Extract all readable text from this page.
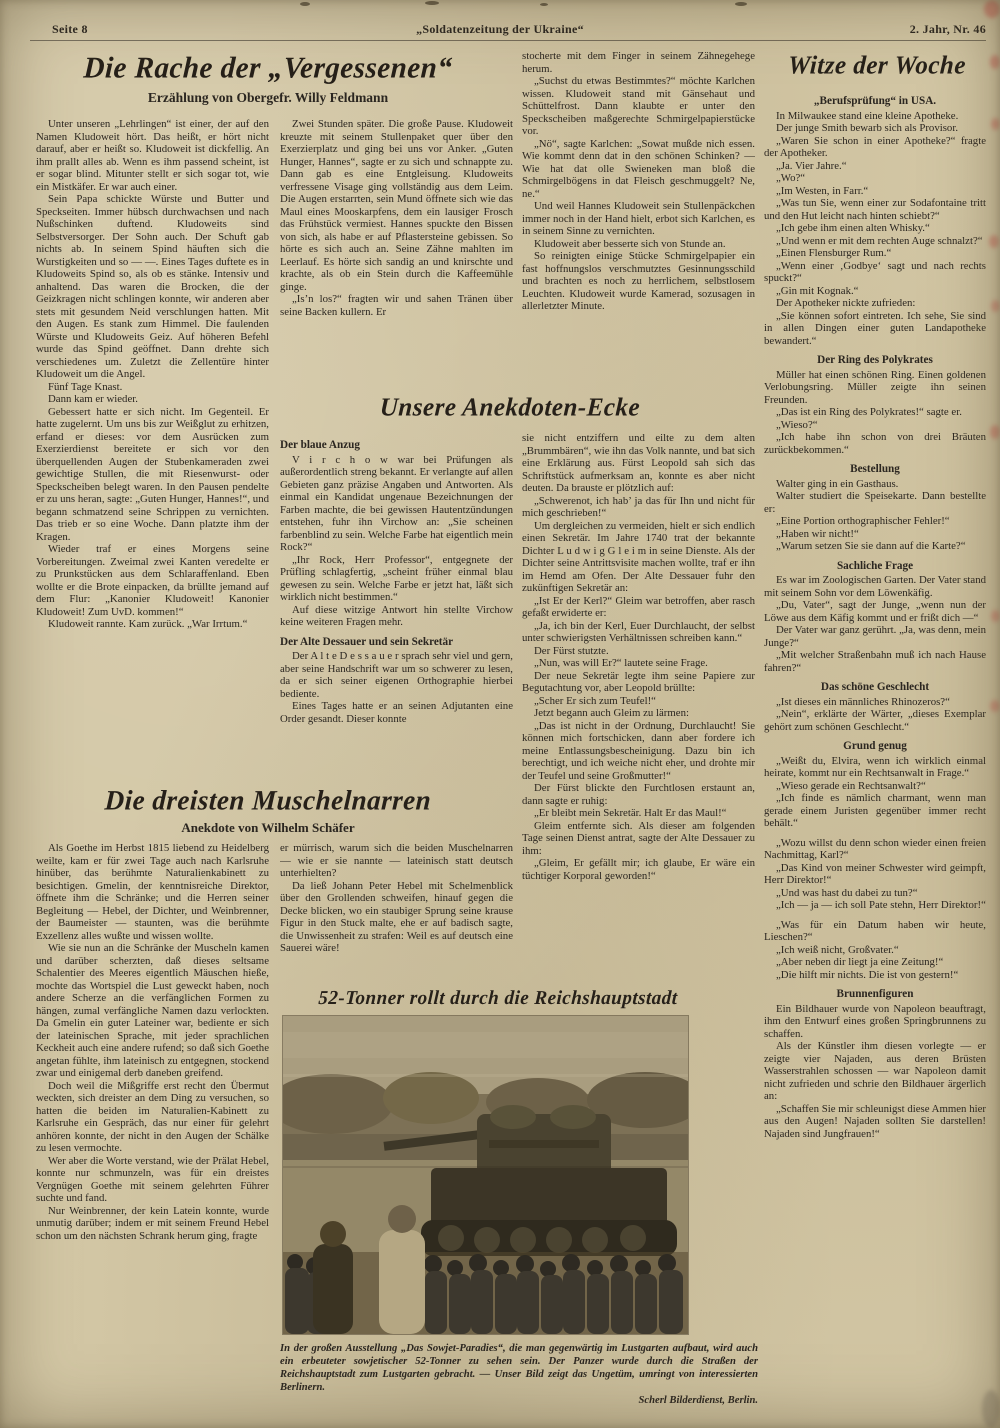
Seite 8	„Soldatenzeitung der Ukraine“	2. Jahr, Nr. 46
Die Rache der „Vergessenen“
Erzählung von Obergefr. Willy Feldmann

Unter unseren „Lehrlingen“ ist einer, der auf den Namen Kludoweit hört. Das heißt, er hört nicht darauf, aber er heißt so. Kludoweit ist dickfellig. An ihm prallt alles ab. Wenn es ihm passend scheint, ist er sogar blind. Mitunter stellt er sich sogar tot, wie ein Mistkäfer. Er war auch einer.

Sein Papa schickte Würste und Butter und Speckseiten. Immer hübsch durchwachsen und nach Nußschinken duftend. Kludoweits sind Selbstversorger. Der Sohn auch. Der Schuft gab nichts ab. In seinem Spind häuften sich die Wurstigkeiten und so — —. Eines Tages duftete es in Kludoweits Spind so, als ob es stänke. Intensiv und anhaltend. Das waren die Brocken, die der Geizkragen nicht schlingen konnte, wir anderen aber stets mit gesundem Neid verschlungen hatten. Mit den Augen. Es stank zum Himmel. Die faulenden Würste und Kludoweits Geiz. Auf höheren Befehl wurde das Spind geöffnet. Dann drehte sich verschiedenes um. Zuletzt die Zellentüre hinter Kludoweit um die Angel.

Fünf Tage Knast.

Dann kam er wieder.

Gebessert hatte er sich nicht. Im Gegenteil. Er hatte zugelernt. Um uns bis zur Weißglut zu erhitzen, erfand er dieses: vor dem Ausrücken zum Exerzierdienst bereitete er sich vor den überquellenden Augen der Stubenkameraden zwei gewichtige Stullen, die mit Riesenwurst- oder Speckscheiben belegt waren. In den Pausen pendelte er zu uns heran, sagte: „Guten Hunger, Hannes!“, und begann schmatzend seine Schrippen zu vernichten. Das trieb er so eine Woche. Dann platzte ihm der Kragen.

Wieder traf er eines Morgens seine Vorbereitungen. Zweimal zwei Kanten veredelte er zu Prunkstücken aus dem Schlaraffenland. Eben wollte er die Brote einpacken, da brüllte jemand auf dem Flur: „Kanonier Kludoweit! Kanonier Kludoweit! Zum UvD. kommen!“

Kludoweit rannte. Kam zurück. „War Irrtum.“

Zwei Stunden später. Die große Pause. Kludoweit kreuzte mit seinem Stullenpaket quer über den Exerzierplatz und ging bei uns vor Anker. „Guten Hunger, Hannes“, sagte er zu sich und schnappte zu. Dann gab es eine Entgleisung. Kludoweits verfressene Visage ging vollständig aus dem Leim. Die Augen erstarrten, sein Mund öffnete sich wie das Maul eines Mooskarpfens, dem ein lausiger Frosch das Frühstück vermiest. Hannes spuckte den Bissen von sich, als habe er auf Pflastersteine gebissen. So hörte es sich auch an. Seine Zähne mahlten im Leerlauf. Es hörte sich sandig an und knirschte und krachte, als ob ein Stein durch die Kaffeemühle ginge.

„Is’n los?“ fragten wir und sahen Tränen über seine Backen kullern. Er

stocherte mit dem Finger in seinem Zähnegehege herum.

„Suchst du etwas Bestimmtes?“ möchte Karlchen wissen. Kludoweit stand mit Gänsehaut und Schüttelfrost. Dann klaubte er unter den Speckscheiben maßgerechte Schmirgelpapierstücke vor.

„Nö“, sagte Karlchen: „Sowat mußde nich essen. Wie kommt denn dat in den schönen Schinken? — Wie hat dat olle Swieneken man bloß die Schmirgelbögens in dat Fleisch geschmuggelt? Ne, ne.“

Und weil Hannes Kludoweit sein Stullenpäckchen immer noch in der Hand hielt, erbot sich Karlchen, es in seinem Sinne zu vernichten.

Kludoweit aber besserte sich von Stunde an.

So reinigten einige Stücke Schmirgelpapier ein fast hoffnungslos verschmutztes Gesinnungsschild und brachten es noch zu herrlichem, selbstlosem Leuchten. Kludoweit wurde Kamerad, sozusagen in allerletzter Minute.

Unsere Anekdoten-Ecke
Der blaue Anzug

V i r c h o w war bei Prüfungen als außerordentlich streng bekannt. Er verlangte auf allen Gebieten ganz präzise Angaben und Antworten. Als einmal ein Kandidat ungenaue Bezeichnungen der Farben machte, die bei gewissen Hautentzündungen entstehen, fuhr ihn Virchow an: „Sie scheinen farbenblind zu sein. Welche Farbe hat eigentlich mein Rock?“

„Ihr Rock, Herr Professor“, entgegnete der Prüfling schlagfertig, „scheint früher einmal blau gewesen zu sein. Welche Farbe er jetzt hat, läßt sich wirklich nicht bestimmen.“

Auf diese witzige Antwort hin stellte Virchow keine weiteren Fragen mehr.

Der Alte Dessauer und sein Sekretär

Der A l t e D e s s a u e r sprach sehr viel und gern, aber seine Handschrift war um so schwerer zu lesen, da er sich seiner eigenen Orthographie hierbei bediente.

Eines Tages hatte er an seinen Adjutanten eine Order gesandt. Dieser konnte

sie nicht entziffern und eilte zu dem alten „Brummbären“, wie ihn das Volk nannte, und bat sich eine Erklärung aus. Fürst Leopold sah sich das Schriftstück aufmerksam an, konnte es aber nicht deuten. Da brauste er plötzlich auf:

„Schwerenot, ich hab’ ja das für Ihn und nicht für mich geschrieben!“

Um dergleichen zu vermeiden, hielt er sich endlich einen Sekretär. Im Jahre 1740 trat der bekannte Dichter L u d w i g G l e i m in seine Dienste. Als der Dichter seine Antrittsvisite machen wollte, traf er ihn im Hemd am Ofen. Der Alte Dessauer fuhr den zukünftigen Sekretär an:

„Ist Er der Kerl?“ Gleim war betroffen, aber rasch gefaßt erwiderte er:

„Ja, ich bin der Kerl, Euer Durchlaucht, der selbst unter schwierigsten Verhältnissen schreiben kann.“

Der Fürst stutzte.

„Nun, was will Er?“ lautete seine Frage.

Der neue Sekretär legte ihm seine Papiere zur Begutachtung vor, aber Leopold brüllte:

„Scher Er sich zum Teufel!“

Jetzt begann auch Gleim zu lärmen:

„Das ist nicht in der Ordnung, Durchlaucht! Sie können mich fortschicken, dann aber fordere ich meine Entlassungsbescheinigung. Dazu bin ich berechtigt, und ich weiche nicht eher, und drohte mir der Teufel und seine Großmutter!“

Der Fürst blickte den Furchtlosen erstaunt an, dann sagte er ruhig:

„Er bleibt mein Sekretär. Halt Er das Maul!“

Gleim entfernte sich. Als dieser am folgenden Tage seinen Dienst antrat, sagte der Alte Dessauer zu ihm:

„Gleim, Er gefällt mir; ich glaube, Er wäre ein tüchtiger Korporal geworden!“

Die dreisten Muschelnarren
Anekdote von Wilhelm Schäfer

Als Goethe im Herbst 1815 liebend zu Heidelberg weilte, kam er für zwei Tage auch nach Karlsruhe hinüber, das berühmte Naturalienkabinett zu besichtigen. Gmelin, der kenntnisreiche Direktor, öffnete ihm die Schränke; und die Herren seiner Begleitung — Hebel, der Dichter, und Weinbrenner, der Baumeister — staunten, was die berühmte Exzellenz alles wußte und wissen wollte.

Wie sie nun an die Schränke der Muscheln kamen und darüber scherzten, daß dieses seltsame Schalentier des Meeres eigentlich Mäuschen hieße, mochte das Wortspiel die Lust geweckt haben, noch andere Scherze an die verfänglichen Formen zu hängen, zumal verfängliche Namen dazu verlockten. Da Gmelin ein guter Lateiner war, bediente er sich der lateinischen Sprache, mit jeder sprachlichen Keckheit auch eine andere rufend; so daß sich Goethe angetan fühlte, ihm lateinisch zu entgegnen, stockend zwar und einigemal derb daneben greifend.

Doch weil die Mißgriffe erst recht den Übermut weckten, sich dreister an dem Ding zu versuchen, so hatten die beiden im Naturalien-Kabinett zu Karlsruhe ein Gespräch, das nur einer für gelehrt anhören konnte, der nicht in den Augen der Schälke zu lesen vermochte.

Wer aber die Worte verstand, wie der Prälat Hebel, konnte nur schmunzeln, was für ein dreistes Vergnügen Goethe mit seinem gelehrten Führer suchte und fand.

Nur Weinbrenner, der kein Latein konnte, wurde unmutig darüber; indem er mit seinem Freund Hebel schon um den nächsten Schrank herum ging, fragte

er mürrisch, warum sich die beiden Muschelnarren — wie er sie nannte — lateinisch statt deutsch unterhielten?

Da ließ Johann Peter Hebel mit Schelmenblick über den Grollenden schweifen, hinauf gegen die Decke blicken, wo ein staubiger Sprung seine krause Figur in den Stuck malte, ehe er auf badisch sagte, die Unwissenheit zu strafen: Weil es auf deutsch eine Sauerei wäre!

52-Tonner rollt durch die Reichshauptstadt
In der großen Ausstellung „Das Sowjet-Paradies“, die man gegenwärtig im Lustgarten aufbaut, wird auch ein erbeuteter sowjetischer 52-Tonner zu sehen sein. Der Panzer wurde durch die Straßen der Reichshauptstadt zum Lustgarten gebracht. — Unser Bild zeigt das Ungetüm, umringt von interessierten Berlinern.
Scherl Bilderdienst, Berlin.
Witze der Woche
„Berufsprüfung“ in USA.

In Milwaukee stand eine kleine Apotheke.

Der junge Smith bewarb sich als Provisor.

„Waren Sie schon in einer Apotheke?“ fragte der Apotheker.

„Ja. Vier Jahre.“

„Wo?“

„Im Westen, in Farr.“

„Was tun Sie, wenn einer zur Sodafontaine tritt und den Hut leicht nach hinten schiebt?“

„Ich gebe ihm einen alten Whisky.“

„Und wenn er mit dem rechten Auge schnalzt?“

„Einen Flensburger Rum.“

„Wenn einer ‚Godbye‘ sagt und nach rechts spuckt?“

„Gin mit Kognak.“

Der Apotheker nickte zufrieden:

„Sie können sofort eintreten. Ich sehe, Sie sind in allen Dingen einer guten Landapotheke bewandert.“

Der Ring des Polykrates

Müller hat einen schönen Ring. Einen goldenen Verlobungsring. Müller zeigte ihn seinen Freunden.

„Das ist ein Ring des Polykrates!“ sagte er.

„Wieso?“

„Ich habe ihn schon von drei Bräuten zurückbekommen.“

Bestellung

Walter ging in ein Gasthaus.

Walter studiert die Speisekarte. Dann bestellte er:

„Eine Portion orthographischer Fehler!“

„Haben wir nicht!“

„Warum setzen Sie sie dann auf die Karte?“

Sachliche Frage

Es war im Zoologischen Garten. Der Vater stand mit seinem Sohn vor dem Löwenkäfig.

„Du, Vater“, sagt der Junge, „wenn nun der Löwe aus dem Käfig kommt und er frißt dich —“

Der Vater war ganz gerührt. „Ja, was denn, mein Junge?“

„Mit welcher Straßenbahn muß ich nach Hause fahren?“

Das schöne Geschlecht

„Ist dieses ein männliches Rhinozeros?“

„Nein“, erklärte der Wärter, „dieses Exemplar gehört zum schönen Geschlecht.“

Grund genug

„Weißt du, Elvira, wenn ich wirklich einmal heirate, kommt nur ein Rechtsanwalt in Frage.“

„Wieso gerade ein Rechtsanwalt?“

„Ich finde es nämlich charmant, wenn man gerade einem Juristen gegenüber immer recht behält.“

„Wozu willst du denn schon wieder einen freien Nachmittag, Karl?“

„Das Kind von meiner Schwester wird geimpft, Herr Direktor!“

„Und was hast du dabei zu tun?“

„Ich — ja — ich soll Pate stehn, Herr Direktor!“

„Was für ein Datum haben wir heute, Lieschen?“

„Ich weiß nicht, Großvater.“

„Aber neben dir liegt ja eine Zeitung!“

„Die hilft mir nichts. Die ist von gestern!“

Brunnenfiguren

Ein Bildhauer wurde von Napoleon beauftragt, ihm den Entwurf eines großen Springbrunnens zu schaffen.

Als der Künstler ihm diesen vorlegte — er zeigte vier Najaden, aus deren Brüsten Wasserstrahlen schossen — war Napoleon damit nicht zufrieden und schrie den Bildhauer ärgerlich an:

„Schaffen Sie mir schleunigst diese Ammen hier aus den Augen! Najaden sollten Sie darstellen! Najaden sind Jungfrauen!“
